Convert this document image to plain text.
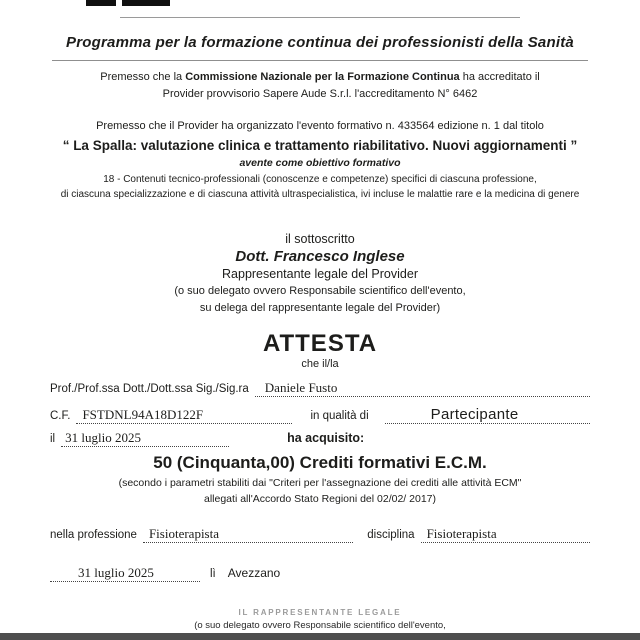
Programma per la formazione continua dei professionisti della Sanità

Premesso che la Commissione Nazionale per la Formazione Continua ha accreditato il
Provider provvisorio Sapere Aude S.r.l. l'accreditamento N° 6462

Premesso che il Provider ha organizzato l'evento formativo n. 433564 edizione n. 1 dal titolo

“ La Spalla: valutazione clinica e trattamento riabilitativo. Nuovi aggiornamenti ”

avente come obiettivo formativo

18 - Contenuti tecnico-professionali (conoscenze e competenze) specifici di ciascuna professione,
di ciascuna specializzazione e di ciascuna attività ultraspecialistica, ivi incluse le malattie rare e la medicina di genere

il sottoscritto

Dott. Francesco Inglese

Rappresentante legale del Provider

(o suo delegato ovvero Responsabile scientifico dell'evento,
su delega del rappresentante legale del Provider)

ATTESTA

che il/la

Prof./Prof.ssa Dott./Dott.ssa Sig./Sig.ra	Daniele Fusto
C.F. FSTDNL94A18D122F	in qualità di	Partecipante
il 31 luglio 2025	ha acquisito:

50 (Cinquanta,00) Crediti formativi E.C.M.

(secondo i parametri stabiliti dai "Criteri per l'assegnazione dei crediti alle attività ECM"
allegati all'Accordo Stato Regioni del 02/02/ 2017)

nella professione Fisioterapista	disciplina Fisioterapista
31 luglio 2025	lì Avezzano
IL RAPPRESENTANTE LEGALE
(o suo delegato ovvero Responsabile scientifico dell'evento,
